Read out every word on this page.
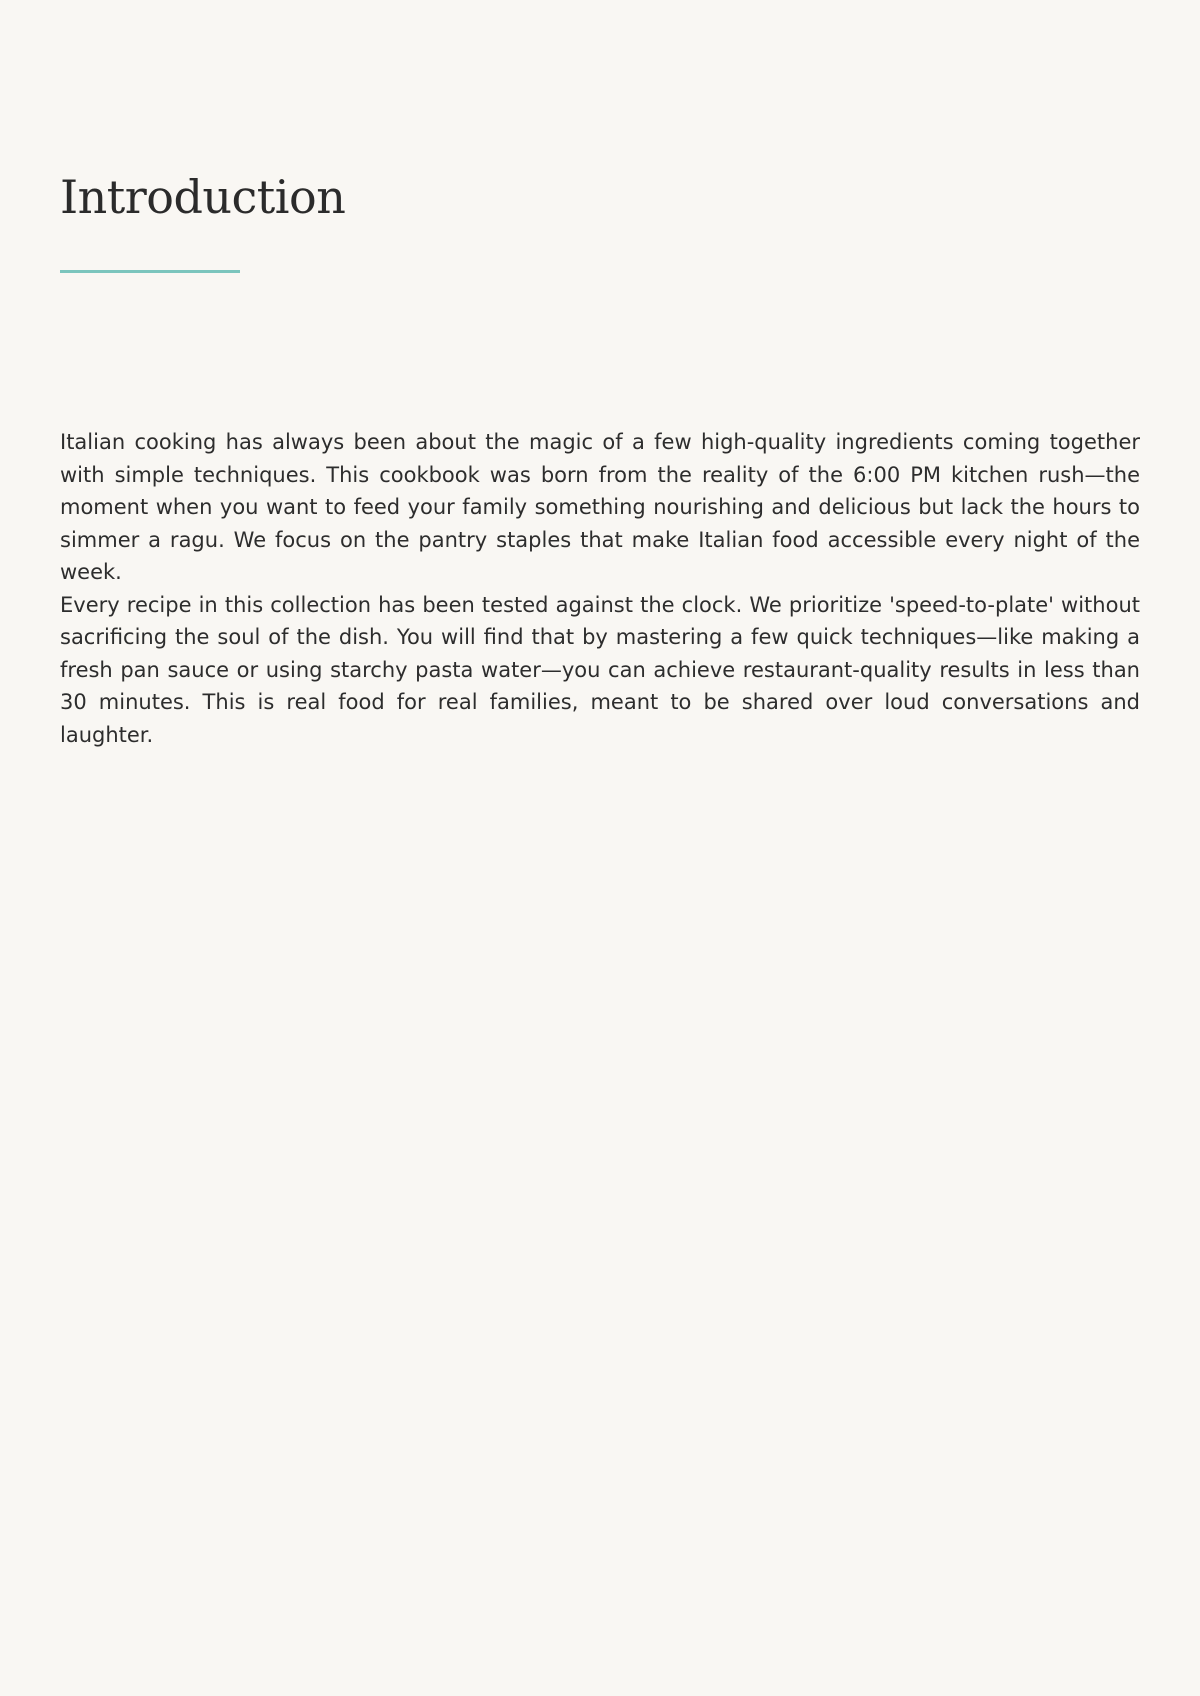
Introduction

Italian cooking has always been about the magic of a few high-quality ingredients coming together with simple techniques. This cookbook was born from the reality of the 6:00 PM kitchen rush—the moment when you want to feed your family something nourishing and delicious but lack the hours to simmer a ragu. We focus on the pantry staples that make Italian food accessible every night of the week.

Every recipe in this collection has been tested against the clock. We prioritize 'speed-to-plate' without sacrificing the soul of the dish. You will find that by mastering a few quick techniques—like making a fresh pan sauce or using starchy pasta water—you can achieve restaurant-quality results in less than 30 minutes. This is real food for real families, meant to be shared over loud conversations and laughter.
